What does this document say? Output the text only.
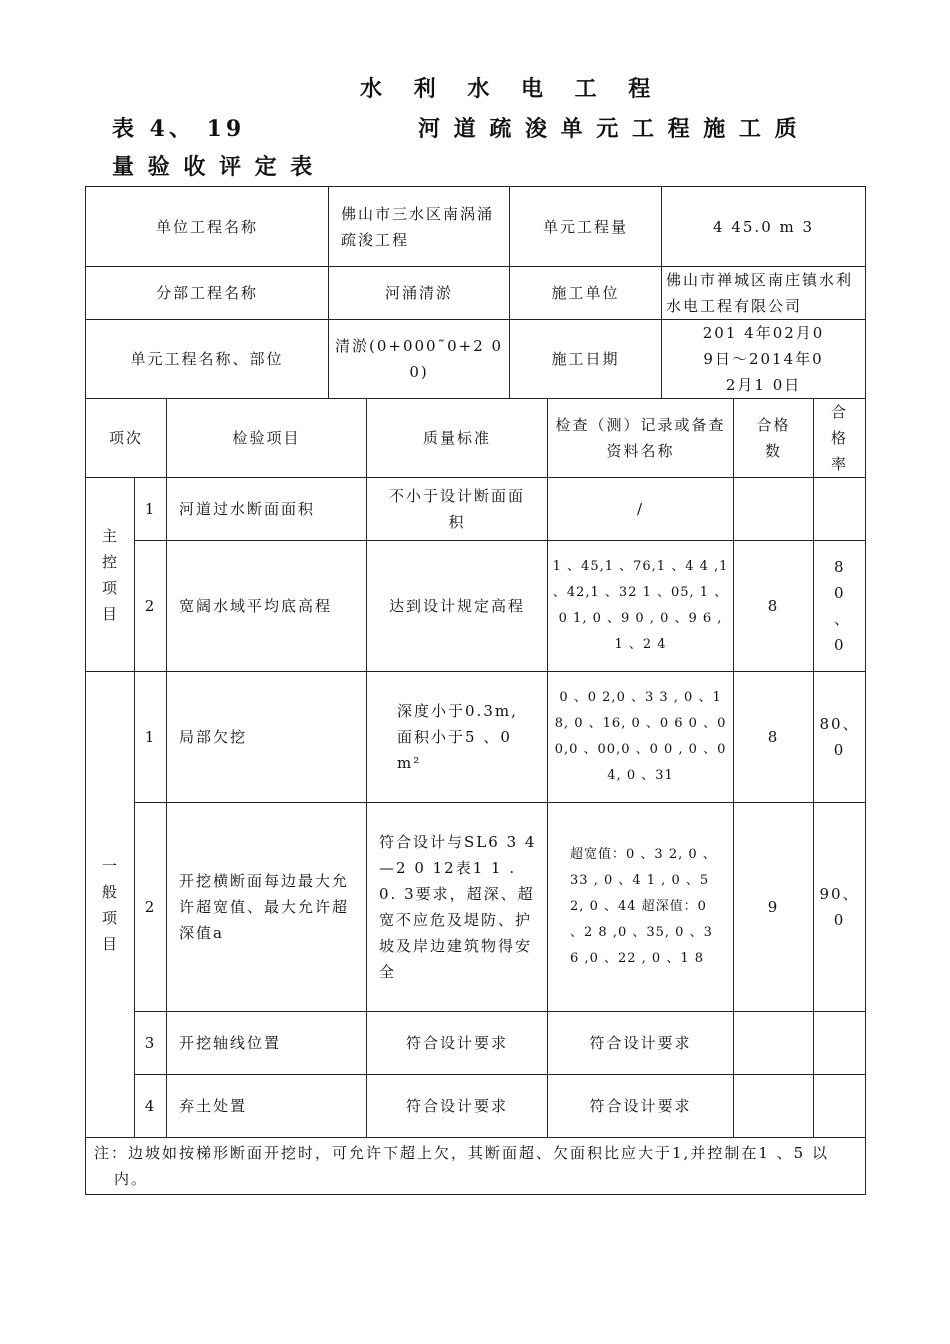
水 利 水 电 工 程
表 4、 19	河 道 疏 浚 单 元 工 程 施 工 质
量 验 收 评 定 表
单位工程名称			佛山市三水区南涡涌疏浚工程		单元工程量		4 45.0 m 3		
分部工程名称			河涌清淤		施工单位		佛山市禅城区南庄镇水利水电工程有限公司		
单元工程名称、部位			清淤(0+000˜0+2 00)		施工日期		201 4年02月0 9日～2014年02月1 0日		
项次		检验项目		质量标准		检查（测）记录或备查资料名称		合格数	合格率
主控项目	1	河道过水断面面积		不小于设计断面面积		/			
	2	宽阔水域平均底高程		达到设计规定高程		1 、45,1 、76,1 、4 4 ,1 、42,1 、32 1 、05, 1 、0 1, 0 、9 0 , 0 、9 6 , 1 、2 4		8	8 0 、0
一般项目	1	局部欠挖		深度小于0.3m,面积小于5 、0 m²		0 、0 2,0 、3 3 , 0 、1 8, 0 、16, 0 、0 6 0 、00,0 、00,0 、0 0 , 0 、04, 0 、31		8	80、0
	2	开挖横断面每边最大允许超宽值、最大允许超深值a		符合设计与SL6 3 4—2 0 12表1 1 . 0. 3要求，超深、超宽不应危及堤防、护坡及岸边建筑物得安全		超宽值：0 、3 2, 0 、33 , 0 、4 1 , 0 、5 2, 0 、44 超深值：0 、2 8 ,0 、35, 0 、3 6 ,0 、22 , 0 、1 8		9	90、0
	3	开挖轴线位置		符合设计要求		符合设计要求			
	4	弃土处置		符合设计要求		符合设计要求			
注：边坡如按梯形断面开挖时，可允许下超上欠，其断面超、欠面积比应大于1,并控制在1 、5 以内。									
